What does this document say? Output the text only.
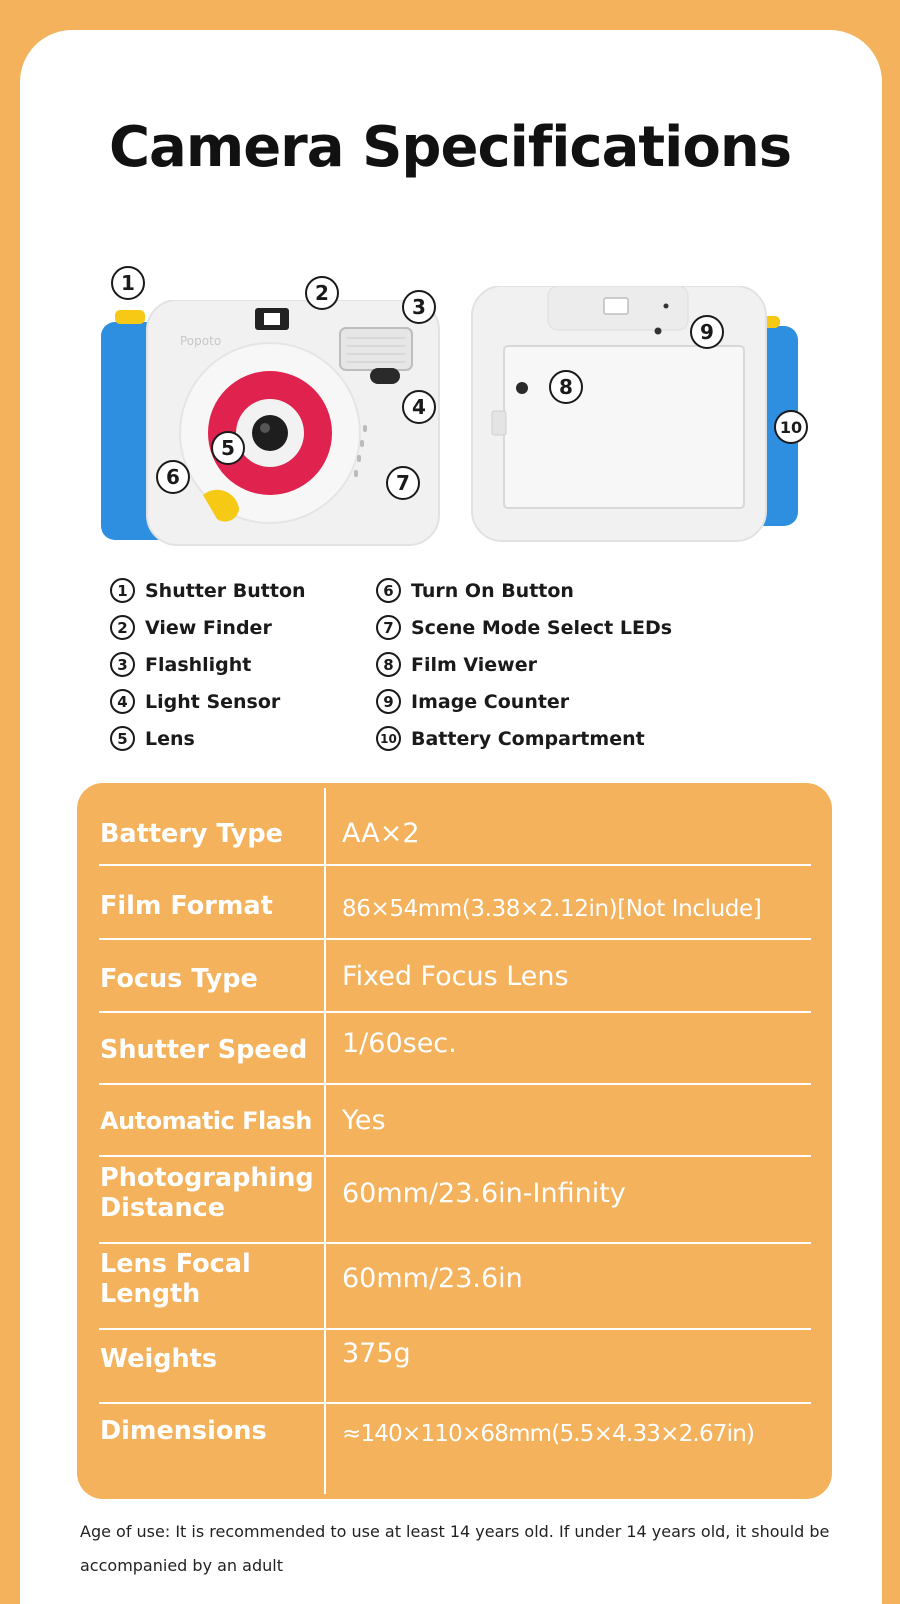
Camera Specifications
Popoto
1	2
3
4
5
6	7
8
9
10
1 Shutter Button
2 View Finder
3 Flashlight
4 Light Sensor
5 Lens
6 Turn On Button
7 Scene Mode Select LEDs
8 Film Viewer
9 Image Counter
10 Battery Compartment
Battery Type	AA×2
Film Format	86×54mm(3.38×2.12in)[Not Include]
Focus Type	Fixed Focus Lens
Shutter Speed 1/60sec.
Automatic Flash Yes
Photographing Distance	60mm/23.6in-Infinity
Lens Focal Length	60mm/23.6in
Weights	375g
Dimensions	≈140×110×68mm(5.5×4.33×2.67in)
Age of use: It is recommended to use at least 14 years old. If under 14 years old, it should be accompanied by an adult
